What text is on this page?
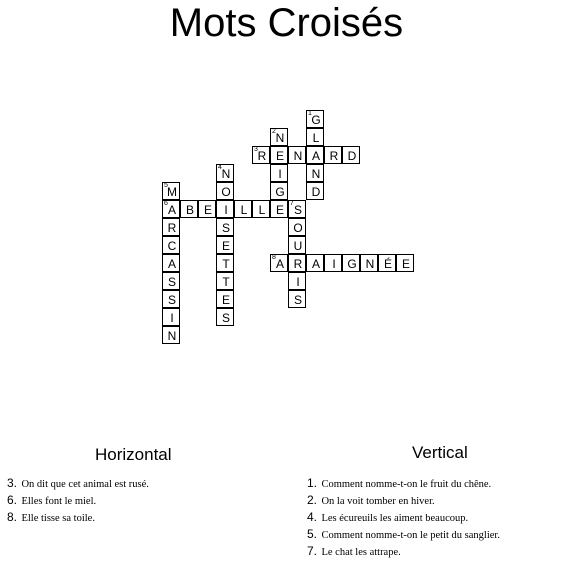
Mots Croisés
G
1
L
A
N
D
N
2
E
I
G
E
R
3	N	R D
N
4
O
I
S
E
T
T
E
S
M
5
A
6
R
C
A
S
S
I
N
B E	L L	S
7
O
U
R
I
S
A
8	A	I G N É E
Horizontal	Vertical
3. On dit que cet animal est rusé.
6. Elles font le miel.
8. Elle tisse sa toile.
1. Comment nomme-t-on le fruit du chêne.
2. On la voit tomber en hiver.
4. Les écureuils les aiment beaucoup.
5. Comment nomme-t-on le petit du sanglier.
7. Le chat les attrape.
